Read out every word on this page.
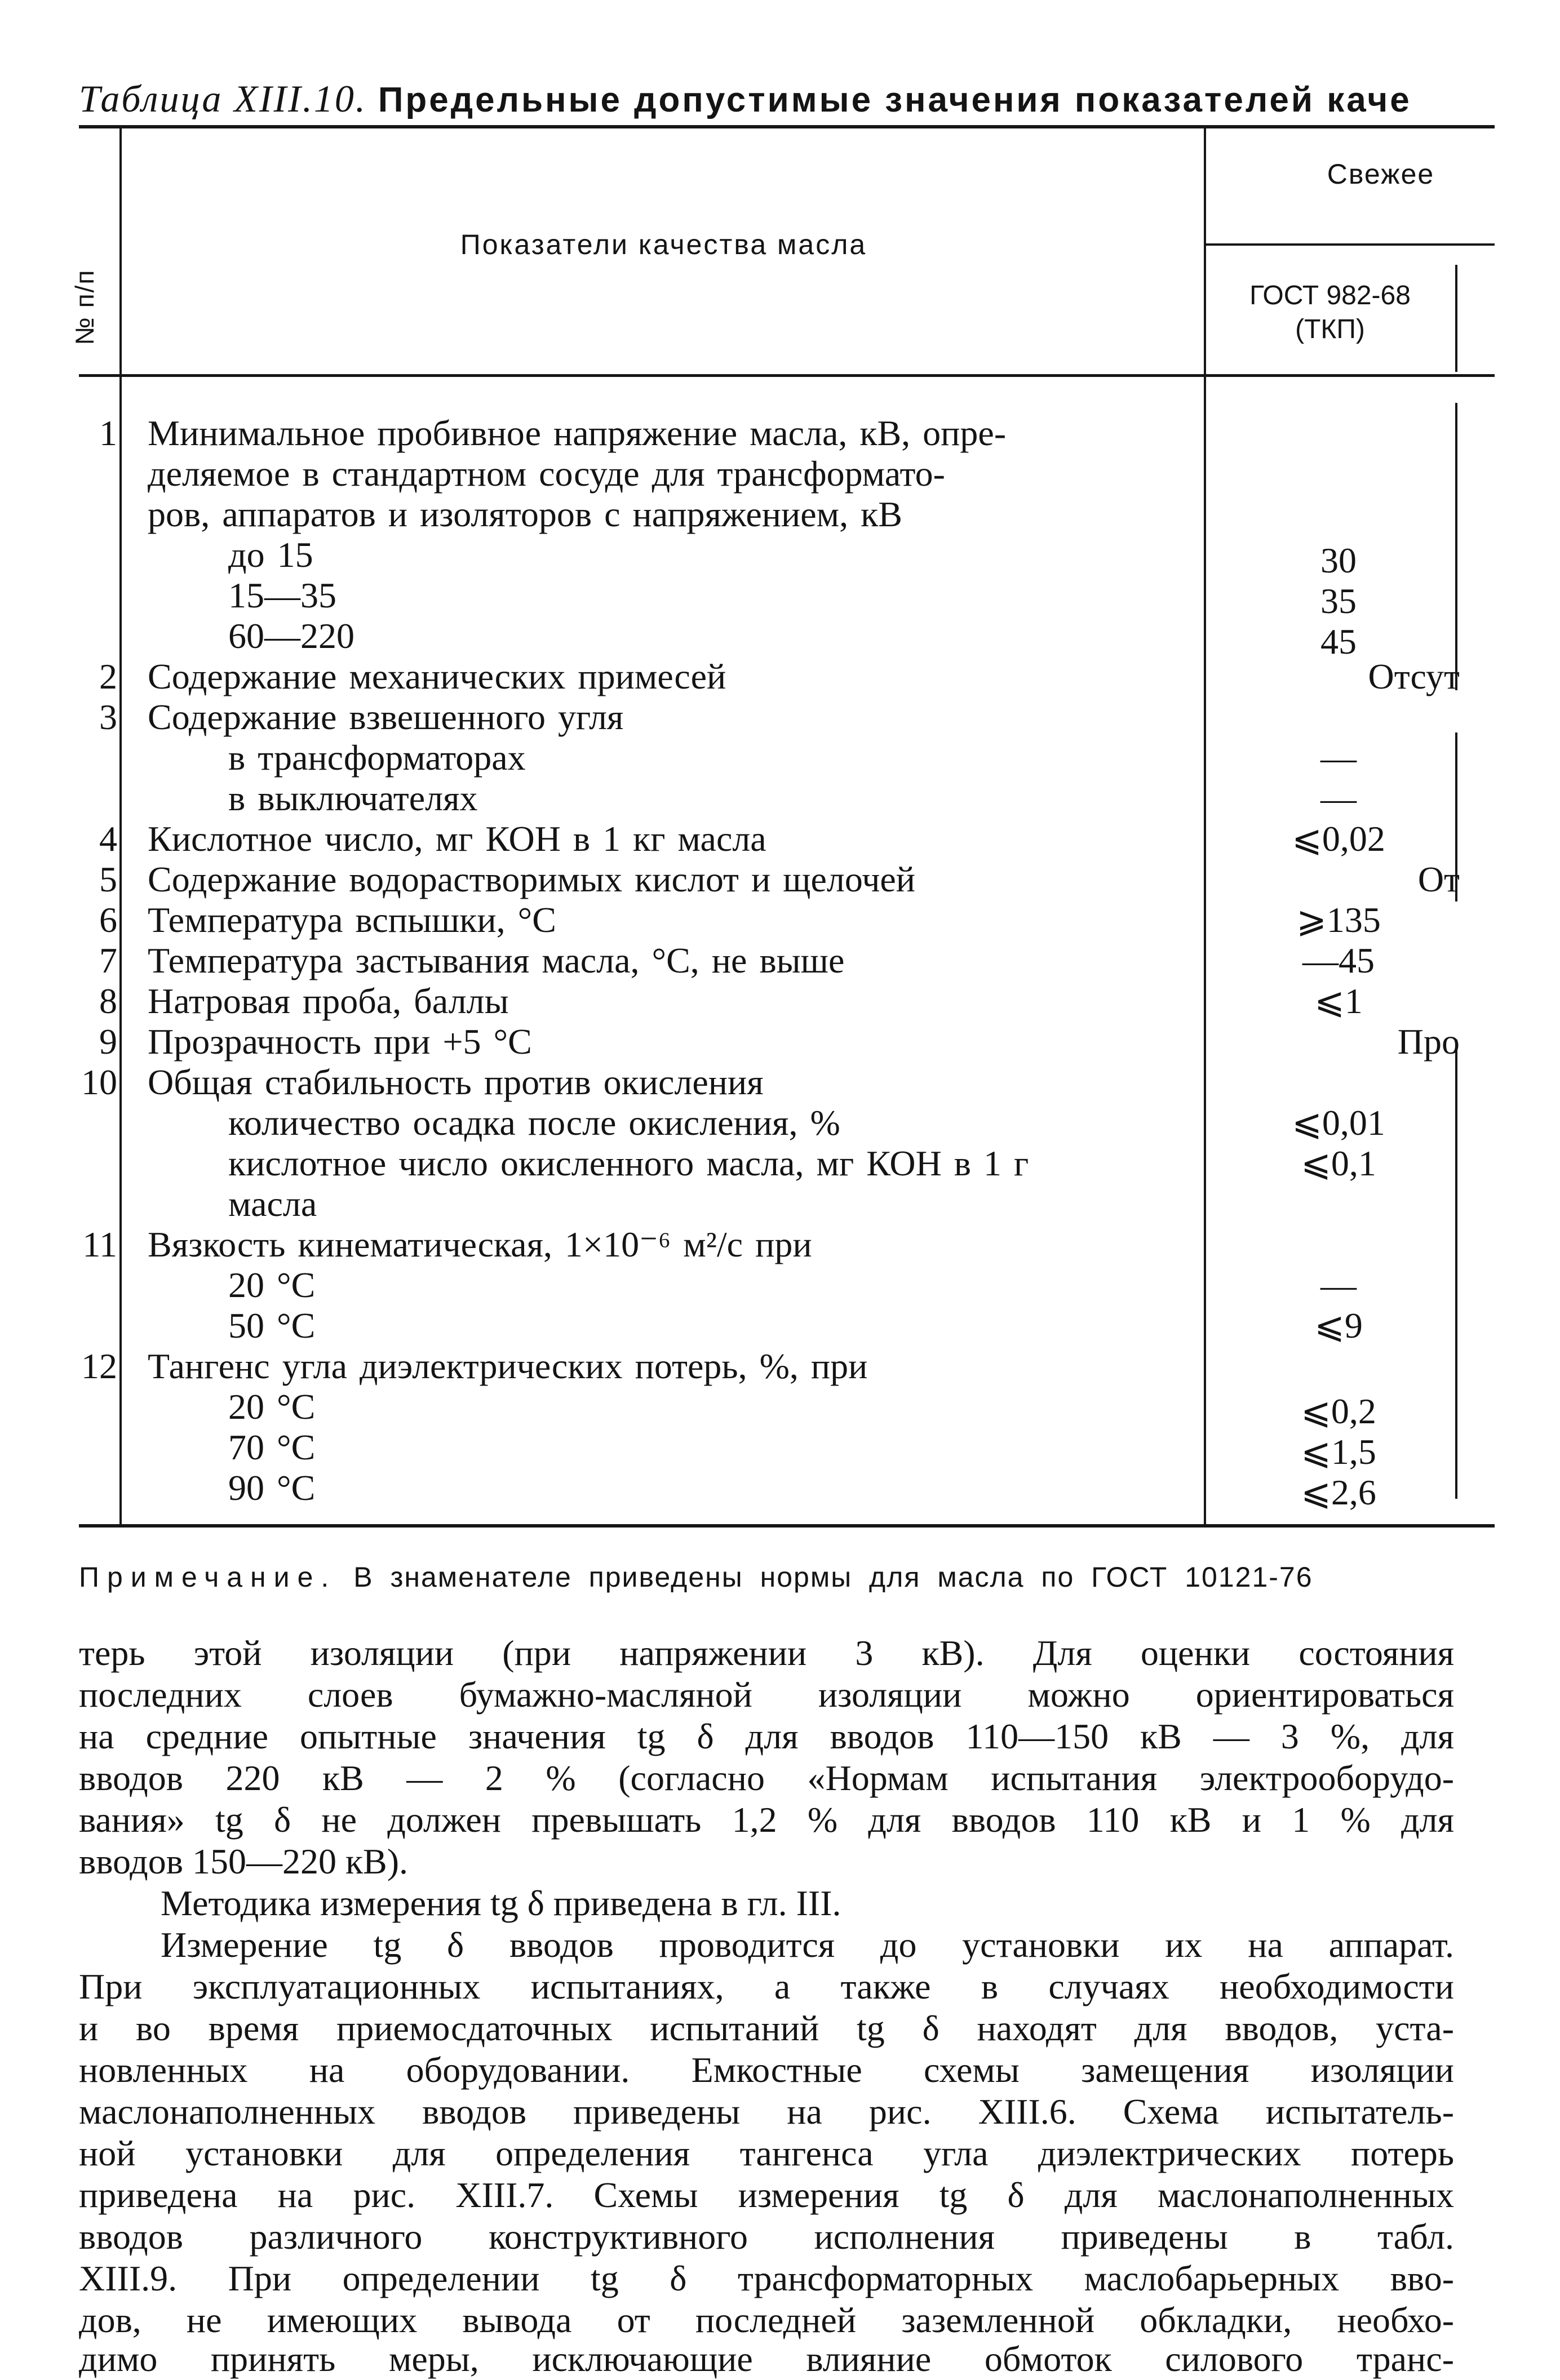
Таблица XIII.10. Предельные допустимые значения показателей каче
№ п/п
Показатели качества масла
Свежее
ГОСТ 982-68
(ТКП)
1 Минимальное пробивное напряжение масла, кВ, опре-
деляемое в стандартном сосуде для трансформато-
ров, аппаратов и изоляторов с напряжением, кВ
до 15	30
15—35	35
60—220	45
2 Содержание механических примесей	Отсут
3 Содержание взвешенного угля
в трансформаторах	—
в выключателях	—
4 Кислотное число, мг КОН в 1 кг масла	⩽0,02
5 Содержание водорастворимых кислот и щелочей	От
6 Температура вспышки, °С	⩾135
7 Температура застывания масла, °С, не выше	—45
8 Натровая проба, баллы	⩽1
9 Прозрачность при +5 °С	Про
10 Общая стабильность против окисления
количество осадка после окисления, %	⩽0,01
кислотное число окисленного масла, мг КОН в 1 г	⩽0,1
масла
11 Вязкость кинематическая, 1×10⁻⁶ м²/с при
20 °С	—
50 °С	⩽9
12 Тангенс угла диэлектрических потерь, %, при
20 °С	⩽0,2
70 °С	⩽1,5
90 °С	⩽2,6
Примечание. В знаменателе приведены нормы для масла по ГОСТ 10121-76
терь этой изоляции (при напряжении 3 кВ). Для оценки состояния
последних слоев бумажно-масляной изоляции можно ориентироваться
на средние опытные значения tg δ для вводов 110—150 кВ — 3 %, для
вводов 220 кВ — 2 % (согласно «Нормам испытания электрооборудо-
вания» tg δ не должен превышать 1,2 % для вводов 110 кВ и 1 % для
вводов 150—220 кВ).
Методика измерения tg δ приведена в гл. III.
Измерение tg δ вводов проводится до установки их на аппарат.
При эксплуатационных испытаниях, а также в случаях необходимости
и во время приемосдаточных испытаний tg δ находят для вводов, уста-
новленных на оборудовании. Емкостные схемы замещения изоляции
маслонаполненных вводов приведены на рис. XIII.6. Схема испытатель-
ной установки для определения тангенса угла диэлектрических потерь
приведена на рис. XIII.7. Схемы измерения tg δ для маслонаполненных
вводов различного конструктивного исполнения приведены в табл.
XIII.9. При определении tg δ трансформаторных маслобарьерных вво-
дов, не имеющих вывода от последней заземленной обкладки, необхо-
димо принять меры, исключающие влияние обмоток силового транс-
